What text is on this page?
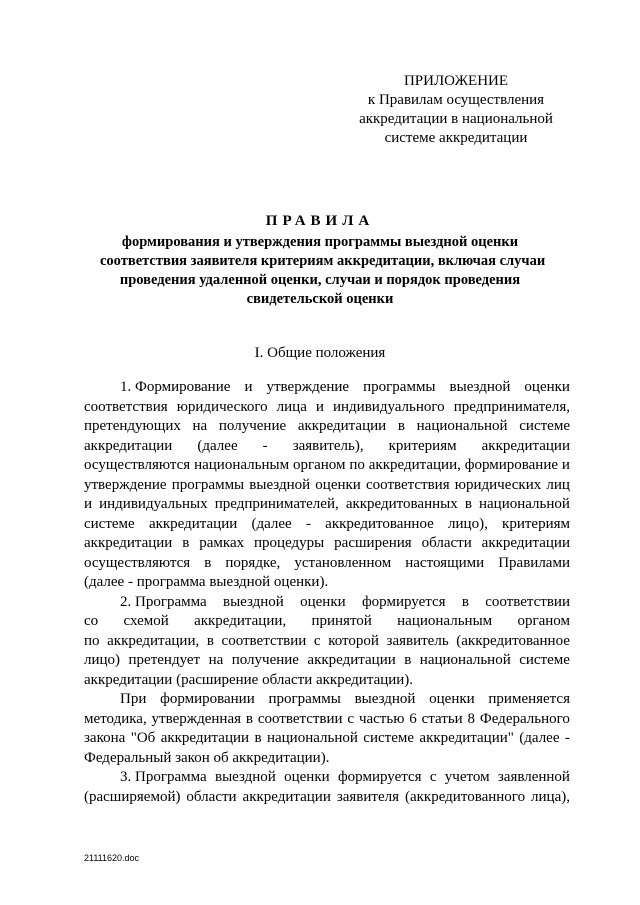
ПРИЛОЖЕНИЕ
к Правилам осуществления
аккредитации в национальной
системе аккредитации
ПРАВИЛА
формирования и утверждения программы выездной оценки
соответствия заявителя критериям аккредитации, включая случаи
проведения удаленной оценки, случаи и порядок проведения
свидетельской оценки
I. Общие положения
1. Формирование и утверждение программы выездной оценки
соответствия юридического лица и индивидуального предпринимателя,
претендующих на получение аккредитации в национальной системе
аккредитации (далее - заявитель), критериям аккредитации
осуществляются национальным органом по аккредитации, формирование и
утверждение программы выездной оценки соответствия юридических лиц
и индивидуальных предпринимателей, аккредитованных в национальной
системе аккредитации (далее - аккредитованное лицо), критериям
аккредитации в рамках процедуры расширения области аккредитации
осуществляются в порядке, установленном настоящими Правилами
(далее - программа выездной оценки).
2. Программа выездной оценки формируется в соответствии
со схемой аккредитации, принятой национальным органом
по аккредитации, в соответствии с которой заявитель (аккредитованное
лицо) претендует на получение аккредитации в национальной системе
аккредитации (расширение области аккредитации).
При формировании программы выездной оценки применяется
методика, утвержденная в соответствии с частью 6 статьи 8 Федерального
закона "Об аккредитации в национальной системе аккредитации" (далее -
Федеральный закон об аккредитации).
3. Программа выездной оценки формируется с учетом заявленной
(расширяемой) области аккредитации заявителя (аккредитованного лица),
21111620.doc
